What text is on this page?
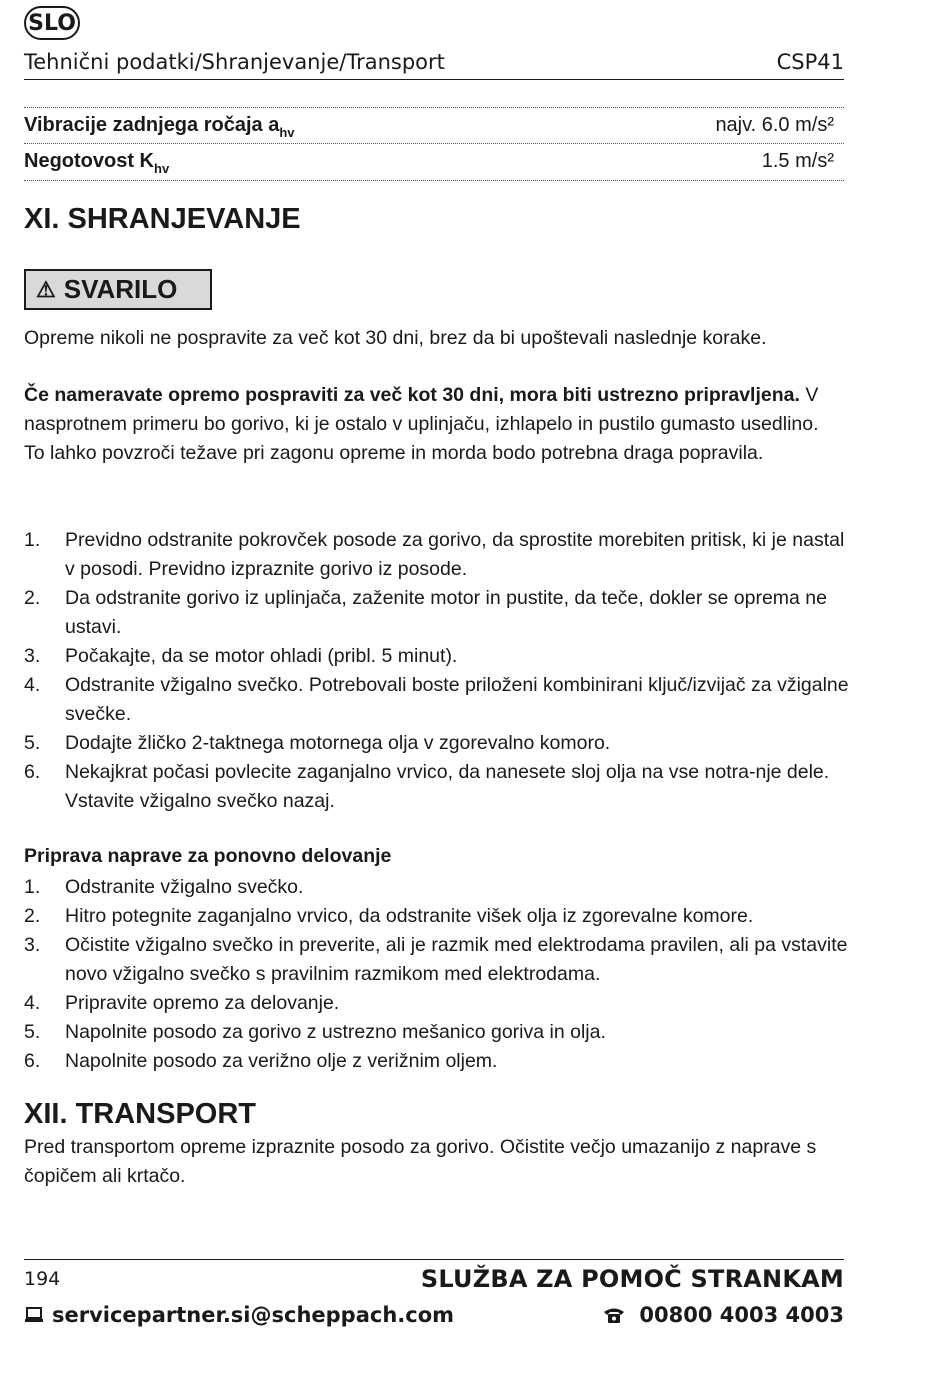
SLO
Tehnični podatki/Shranjevanje/Transport	CSP41
Vibracije zadnjega ročaja $a_{hv}$	najv. 6.0 m/s²
Negotovost $K_{hv}$	1.5 m/s²
XI. SHRANJEVANJE
⚠ SVARILO

Opreme nikoli ne pospravite za več kot 30 dni, brez da bi upoštevali naslednje korake.

Če nameravate opremo pospraviti za več kot 30 dni, mora biti ustrezno pripravljena. V nasprotnem primeru bo gorivo, ki je ostalo v uplinjaču, izhlapelo in pustilo gumasto usedlino. To lahko povzroči težave pri zagonu opreme in morda bodo potrebna draga popravila.

1. Previdno odstranite pokrovček posode za gorivo, da sprostite morebiten pritisk, ki je nastal v posodi. Previdno izpraznite gorivo iz posode.
2. Da odstranite gorivo iz uplinjača, zaženite motor in pustite, da teče, dokler se oprema ne ustavi.
3. Počakajte, da se motor ohladi (pribl. 5 minut).
4. Odstranite vžigalno svečko. Potrebovali boste priloženi kombinirani ključ/izvijač za vžigalne svečke.
5. Dodajte žličko 2-taktnega motornega olja v zgorevalno komoro.
6. Nekajkrat počasi povlecite zaganjalno vrvico, da nanesete sloj olja na vse notra-nje dele. Vstavite vžigalno svečko nazaj.
Priprava naprave za ponovno delovanje
1. Odstranite vžigalno svečko.
2. Hitro potegnite zaganjalno vrvico, da odstranite višek olja iz zgorevalne komore.
3. Očistite vžigalno svečko in preverite, ali je razmik med elektrodama pravilen, ali pa vstavite novo vžigalno svečko s pravilnim razmikom med elektrodama.
4. Pripravite opremo za delovanje.
5. Napolnite posodo za gorivo z ustrezno mešanico goriva in olja.
6. Napolnite posodo za verižno olje z verižnim oljem.
XII. TRANSPORT

Pred transportom opreme izpraznite posodo za gorivo. Očistite večjo umazanijo z naprave s čopičem ali krtačo.

194	SLUŽBA ZA POMOČ STRANKAM
servicepartner.si@scheppach.com	00800 4003 4003
